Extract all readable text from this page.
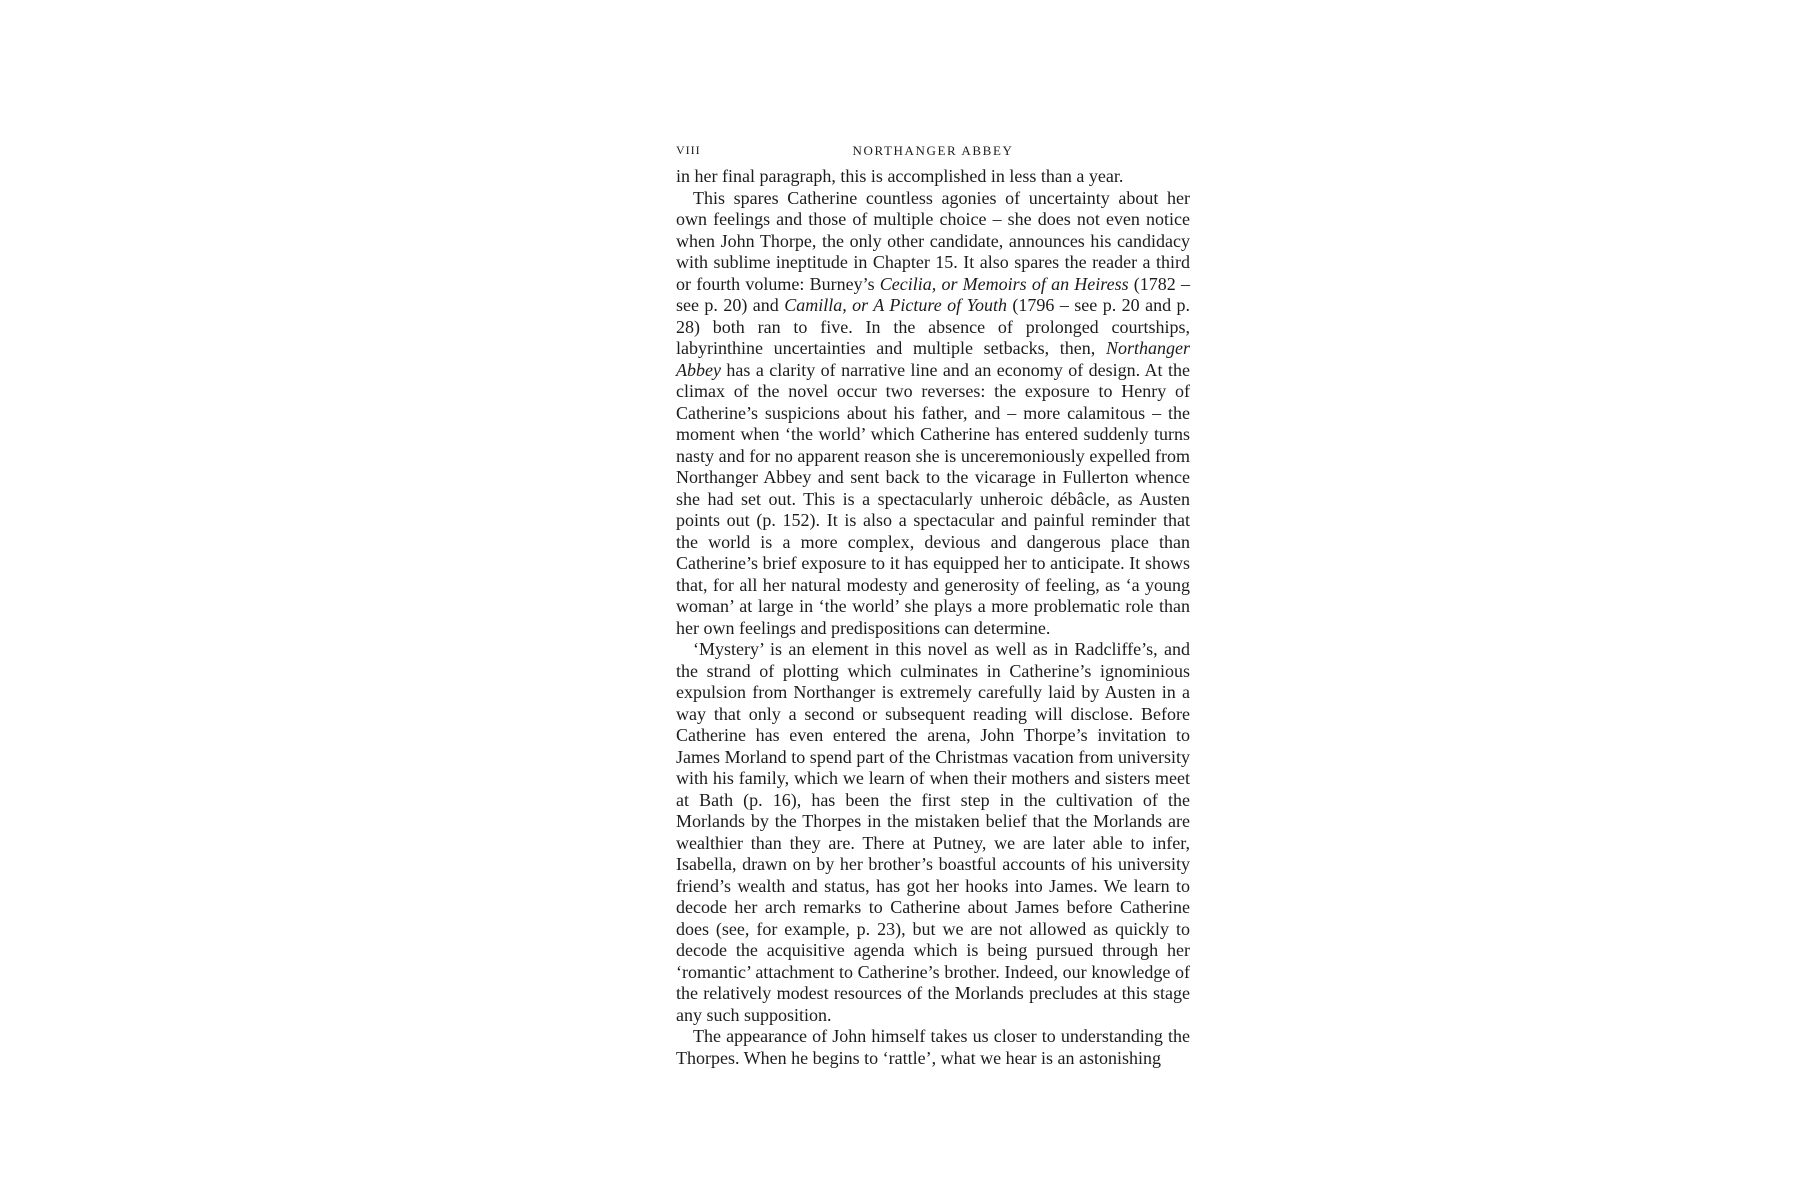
VIII	NORTHANGER ABBEY

in her final paragraph, this is accomplished in less than a year.

This spares Catherine countless agonies of uncertainty about her own feelings and those of multiple choice – she does not even notice when John Thorpe, the only other candidate, announces his candidacy with sublime ineptitude in Chapter 15. It also spares the reader a third or fourth volume: Burney’s Cecilia, or Memoirs of an Heiress (1782 – see p. 20) and Camilla, or A Picture of Youth (1796 – see p. 20 and p. 28) both ran to five. In the absence of prolonged courtships, labyrinthine uncertainties and multiple setbacks, then, Northanger Abbey has a clarity of narrative line and an economy of design. At the climax of the novel occur two reverses: the exposure to Henry of Catherine’s suspicions about his father, and – more calamitous – the moment when ‘the world’ which Catherine has entered suddenly turns nasty and for no apparent reason she is unceremoniously expelled from Northanger Abbey and sent back to the vicarage in Fullerton whence she had set out. This is a spectacularly unheroic débâcle, as Austen points out (p. 152). It is also a spectacular and painful reminder that the world is a more complex, devious and dangerous place than Catherine’s brief exposure to it has equipped her to anticipate. It shows that, for all her natural modesty and generosity of feeling, as ‘a young woman’ at large in ‘the world’ she plays a more problematic role than her own feelings and predispositions can determine.

‘Mystery’ is an element in this novel as well as in Radcliffe’s, and the strand of plotting which culminates in Catherine’s ignominious expulsion from Northanger is extremely carefully laid by Austen in a way that only a second or subsequent reading will disclose. Before Catherine has even entered the arena, John Thorpe’s invitation to James Morland to spend part of the Christmas vacation from university with his family, which we learn of when their mothers and sisters meet at Bath (p. 16), has been the first step in the cultivation of the Morlands by the Thorpes in the mistaken belief that the Morlands are wealthier than they are. There at Putney, we are later able to infer, Isabella, drawn on by her brother’s boastful accounts of his university friend’s wealth and status, has got her hooks into James. We learn to decode her arch remarks to Catherine about James before Catherine does (see, for example, p. 23), but we are not allowed as quickly to decode the acquisitive agenda which is being pursued through her ‘romantic’ attachment to Catherine’s brother. Indeed, our knowledge of the relatively modest resources of the Morlands precludes at this stage any such supposition.

The appearance of John himself takes us closer to understanding the Thorpes. When he begins to ‘rattle’, what we hear is an astonishing
